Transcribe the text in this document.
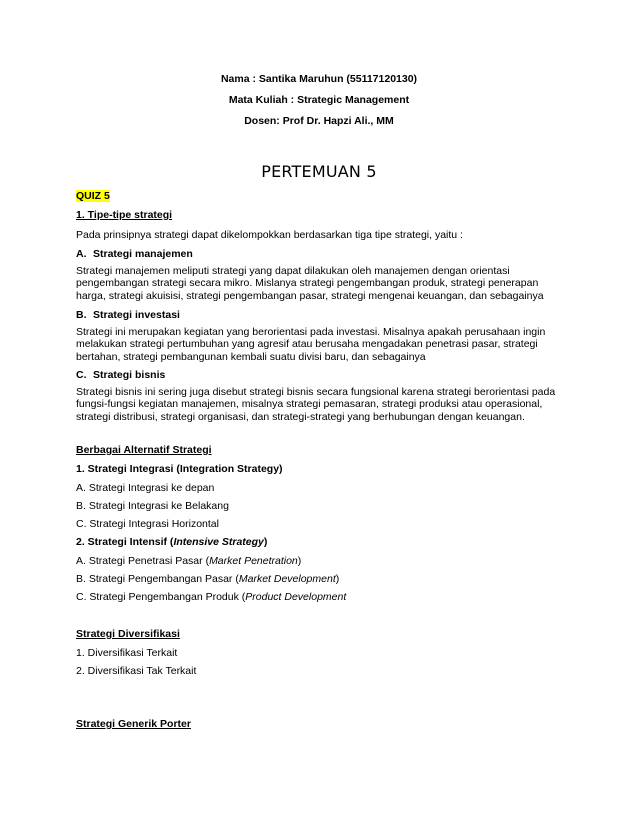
Nama : Santika Maruhun (55117120130)
Mata Kuliah : Strategic Management
Dosen: Prof Dr. Hapzi Ali., MM
PERTEMUAN 5
QUIZ 5
1. Tipe-tipe strategi
Pada prinsipnya strategi dapat dikelompokkan berdasarkan tiga tipe strategi, yaitu :
A. Strategi manajemen
Strategi manajemen meliputi strategi yang dapat dilakukan oleh manajemen dengan orientasi
pengembangan strategi secara mikro. Mislanya strategi pengembangan produk, strategi penerapan
harga, strategi akuisisi, strategi pengembangan pasar, strategi mengenai keuangan, dan sebagainya
B. Strategi investasi
Strategi ini merupakan kegiatan yang berorientasi pada investasi. Misalnya apakah perusahaan ingin
melakukan strategi pertumbuhan yang agresif atau berusaha mengadakan penetrasi pasar, strategi
bertahan, strategi pembangunan kembali suatu divisi baru, dan sebagainya
C. Strategi bisnis
Strategi bisnis ini sering juga disebut strategi bisnis secara fungsional karena strategi berorientasi pada
fungsi-fungsi kegiatan manajemen, misalnya strategi pemasaran, strategi produksi atau operasional,
strategi distribusi, strategi organisasi, dan strategi-strategi yang berhubungan dengan keuangan.
Berbagai Alternatif Strategi
1. Strategi Integrasi (Integration Strategy)
A. Strategi Integrasi ke depan
B. Strategi Integrasi ke Belakang
C. Strategi Integrasi Horizontal
2. Strategi Intensif (Intensive Strategy)
A. Strategi Penetrasi Pasar (Market Penetration)
B. Strategi Pengembangan Pasar (Market Development)
C. Strategi Pengembangan Produk (Product Development
Strategi Diversifikasi
1. Diversifikasi Terkait
2. Diversifikasi Tak Terkait
Strategi Generik Porter
